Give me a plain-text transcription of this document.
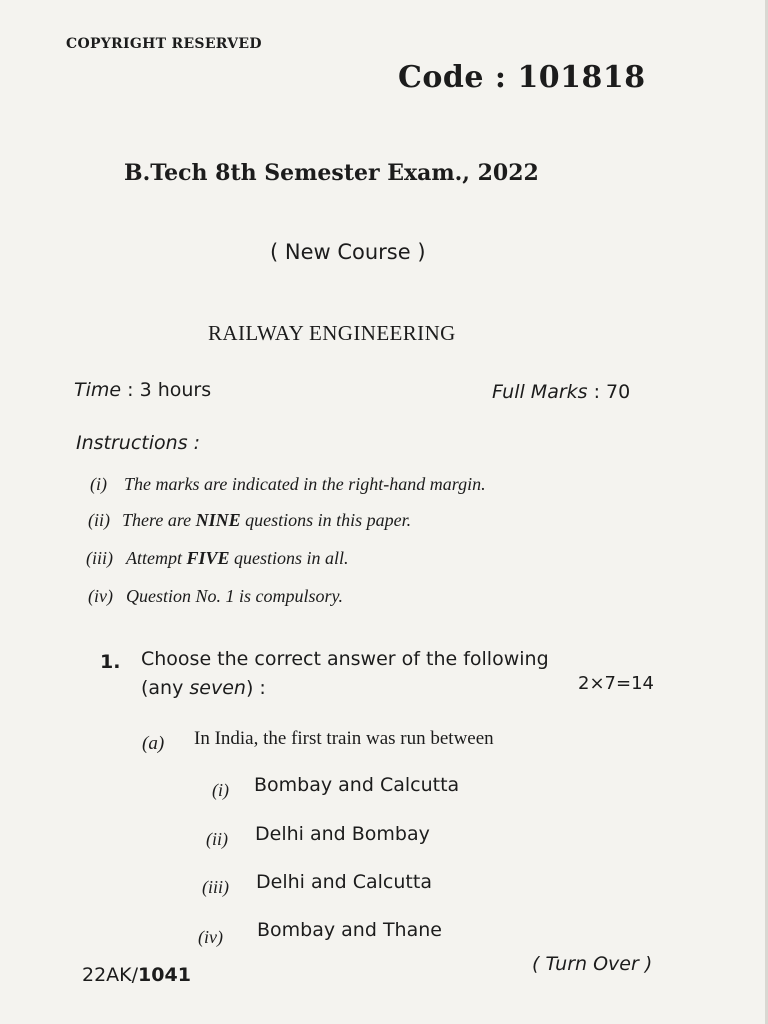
COPYRIGHT RESERVED
Code : 101818
B.Tech 8th Semester Exam., 2022
( New Course )
RAILWAY ENGINEERING
Time : 3 hours	Full Marks : 70
Instructions :
(i) The marks are indicated in the right-hand margin.
(ii) There are NINE questions in this paper.
(iii) Attempt FIVE questions in all.
(iv) Question No. 1 is compulsory.
1. Choose the correct answer of the following
(any seven) :	2×7=14
(a) In India, the first train was run between
(i) Bombay and Calcutta
(ii) Delhi and Bombay
(iii) Delhi and Calcutta
(iv) Bombay and Thane
22AK/1041	( Turn Over )
